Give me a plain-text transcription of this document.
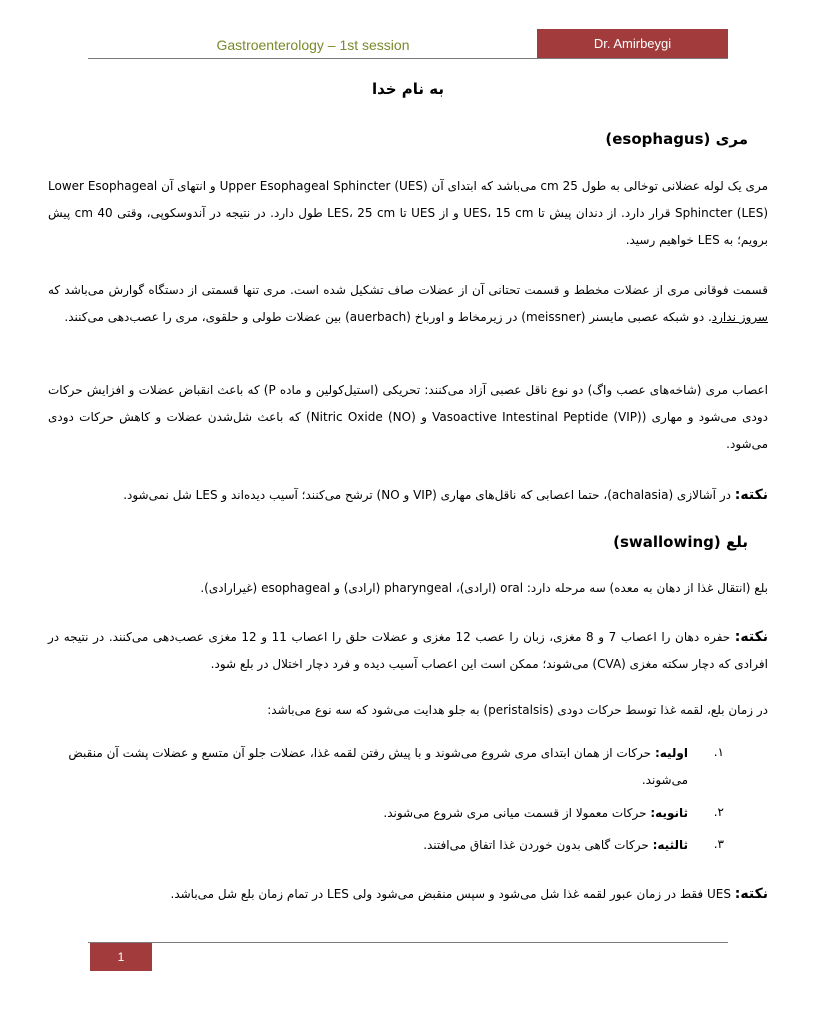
Gastroenterology – 1st session	Dr. Amirbeygi
به نام خدا
مری (esophagus)
مری یک لوله عضلانی توخالی به طول 25 cm می‌باشد که ابتدای آن Upper Esophageal Sphincter (UES) و انتهای آن Lower Esophageal Sphincter (LES) قرار دارد. از دندان پیش تا UES، 15 cm و از UES تا LES، 25 cm طول دارد. در نتیجه در آندوسکوپی، وقتی 40 cm پیش برویم؛ به LES خواهیم رسید.
قسمت فوقانی مری از عضلات مخطط و قسمت تحتانی آن از عضلات صاف تشکیل شده است. مری تنها قسمتی از دستگاه گوارش می‌باشد که سروز ندارد. دو شبکه عصبی مایسنر (meissner) در زیرمخاط و اورباخ (auerbach) بین عضلات طولی و حلقوی، مری را عصب‌دهی می‌کنند.
اعصاب مری (شاخه‌های عصب واگ) دو نوع ناقل عصبی آزاد می‌کنند: تحریکی (استیل‌کولین و ماده P) که باعث انقباض عضلات و افزایش حرکات دودی می‌شود و مهاری (Vasoactive Intestinal Peptide (VIP) و Nitric Oxide (NO)) که باعث شل‌شدن عضلات و کاهش حرکات دودی می‌شود.
نکته: در آشالازی (achalasia)، حتما اعصابی که ناقل‌های مهاری (VIP و NO) ترشح می‌کنند؛ آسیب دیده‌اند و LES شل نمی‌شود.
بلع (swallowing)
بلع (انتقال غذا از دهان به معده) سه مرحله دارد: oral (ارادی)، pharyngeal (ارادی) و esophageal (غیرارادی).
نکته: حفره دهان را اعصاب 7 و 8 مغزی، زبان را عصب 12 مغزی و عضلات حلق را اعصاب 11 و 12 مغزی عصب‌دهی می‌کنند. در نتیجه در افرادی که دچار سکته مغزی (CVA) می‌شوند؛ ممکن است این اعصاب آسیب دیده و فرد دچار اختلال در بلع شود.
در زمان بلع، لقمه غذا توسط حرکات دودی (peristalsis) به جلو هدایت می‌شود که سه نوع می‌باشد:
۱.
اولیه: حرکات از همان ابتدای مری شروع می‌شوند و با پیش رفتن لقمه غذا، عضلات جلو آن متسع و عضلات پشت آن منقبض می‌شوند.
۲.
ثانویه: حرکات معمولا از قسمت میانی مری شروع می‌شوند.
۳.
ثالثیه: حرکات گاهی بدون خوردن غذا اتفاق می‌افتند.
نکته: UES فقط در زمان عبور لقمه غذا شل می‌شود و سپس منقبض می‌شود ولی LES در تمام زمان بلع شل می‌باشد.
1
